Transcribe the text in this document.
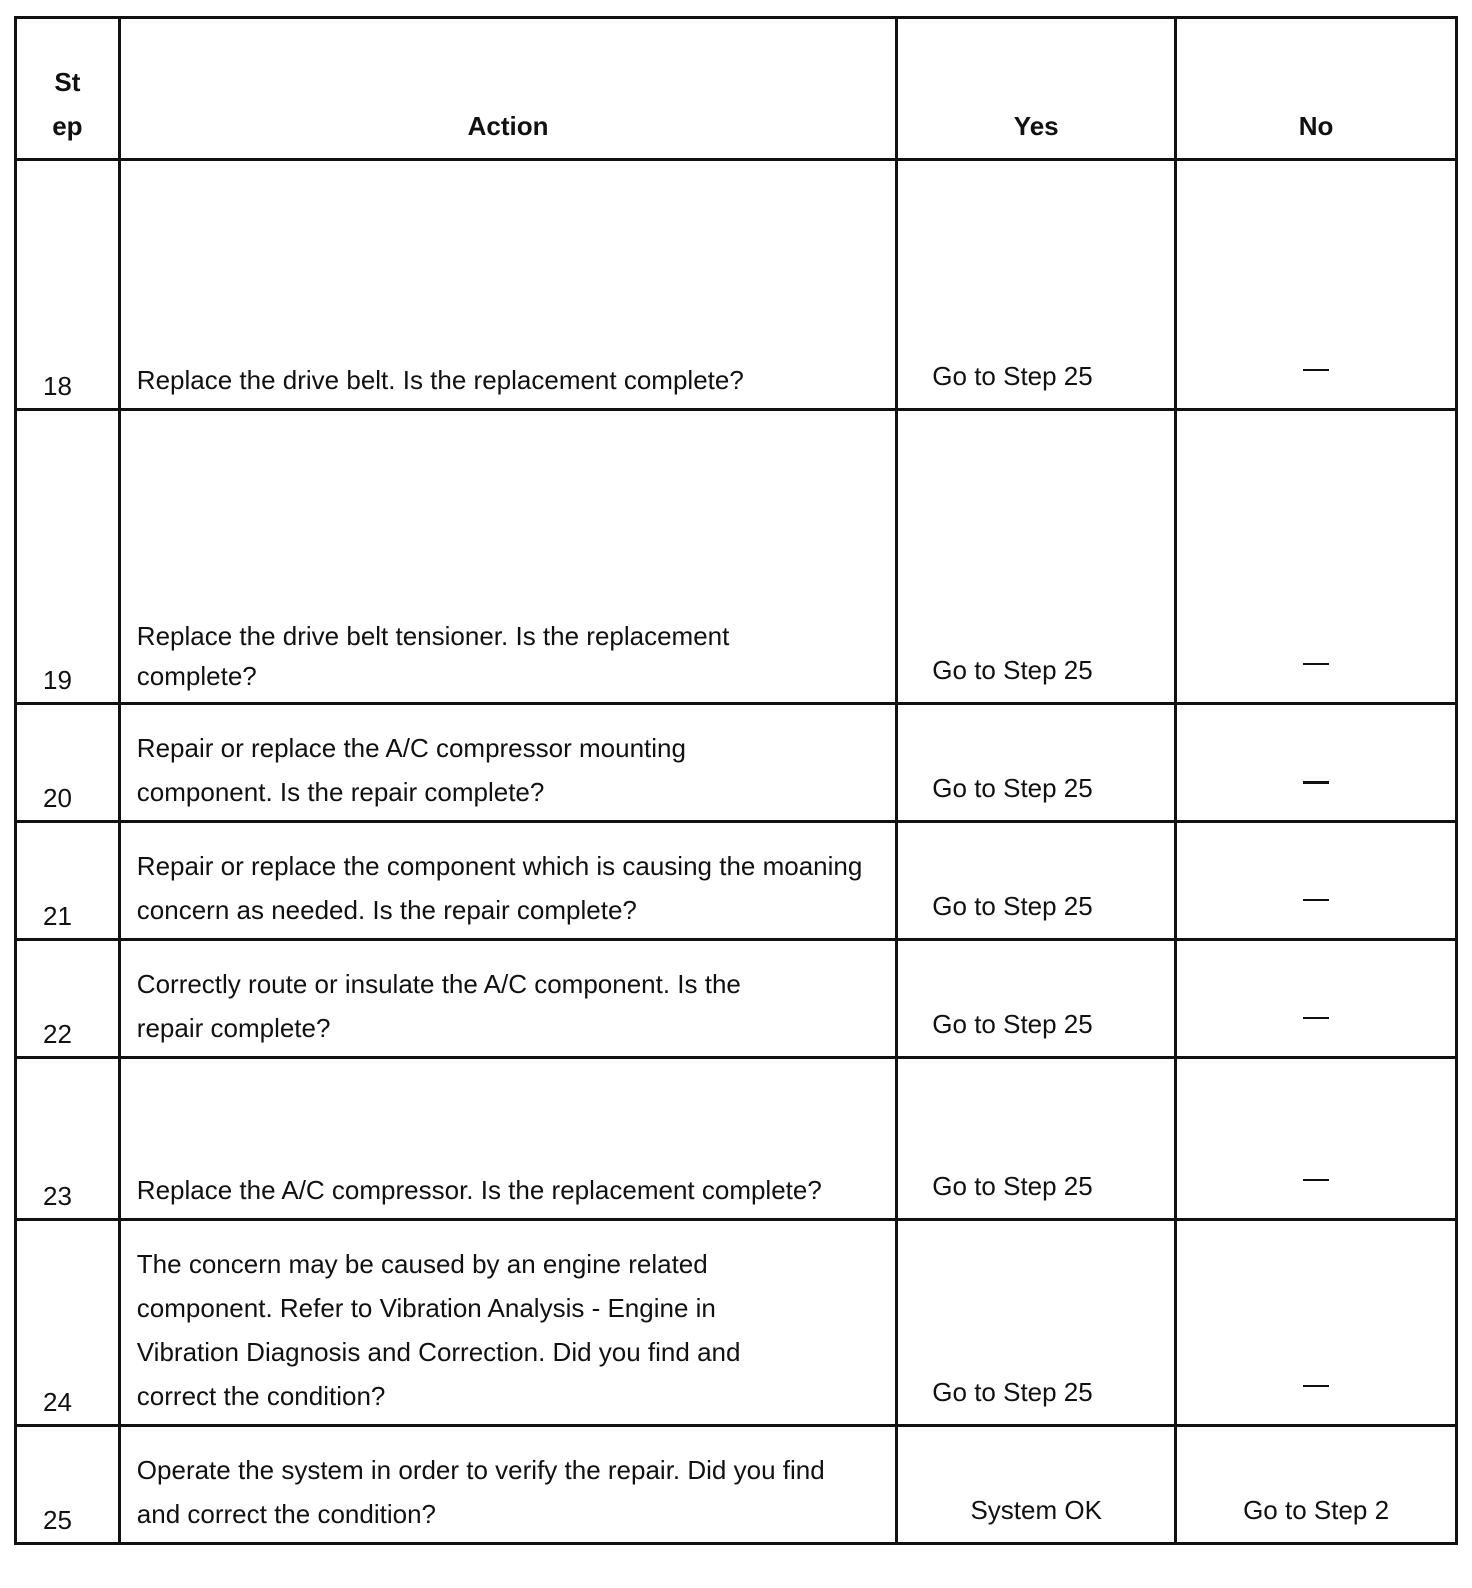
St
ep	Action	Yes	No
18	Replace the drive belt. Is the replacement complete?	Go to Step 25	
19	Replace the drive belt tensioner. Is the replacement complete?	Go to Step 25	
20	Repair or replace the A/C compressor mounting component. Is the repair complete?	Go to Step 25	
21	Repair or replace the component which is causing the moaning concern as needed. Is the repair complete?	Go to Step 25	
22	Correctly route or insulate the A/C component. Is the repair complete?	Go to Step 25	
23	Replace the A/C compressor. Is the replacement complete?	Go to Step 25	
24	The concern may be caused by an engine related component. Refer to Vibration Analysis - Engine in Vibration Diagnosis and Correction. Did you find and correct the condition?	Go to Step 25	
25	Operate the system in order to verify the repair. Did you find and correct the condition?	System OK	Go to Step 2
